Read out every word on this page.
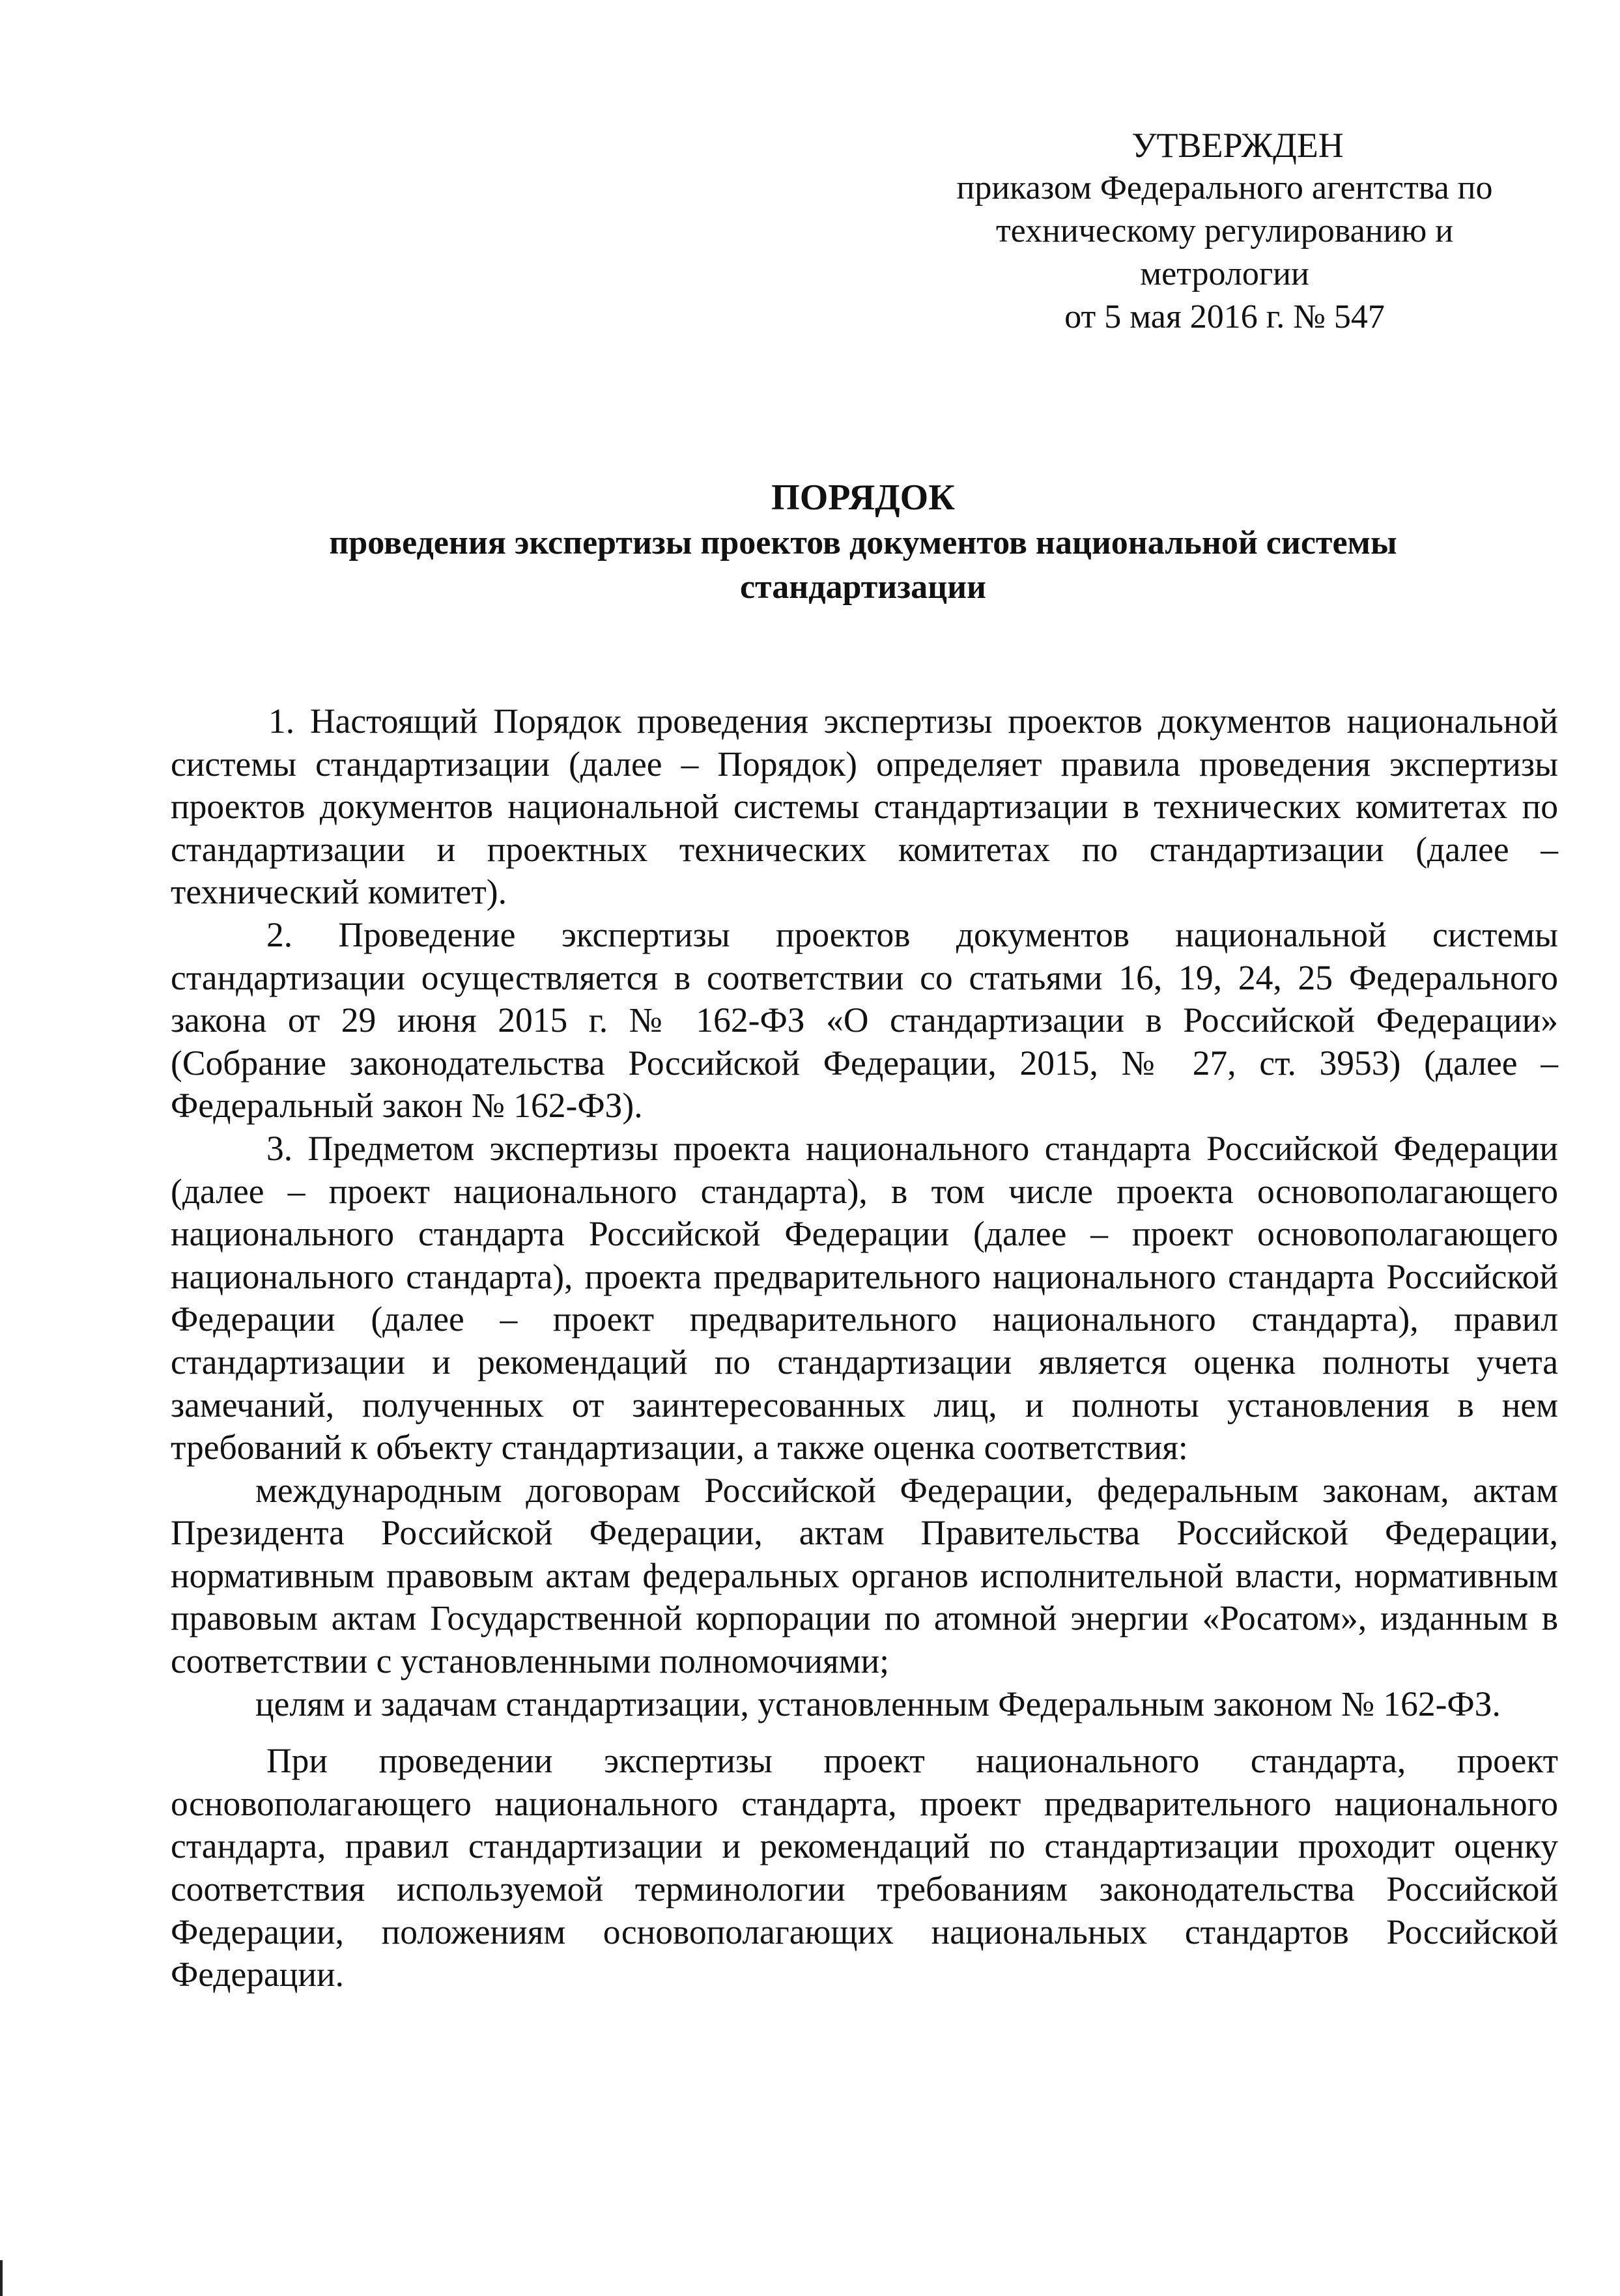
УТВЕРЖДЕН
приказом Федерального агентства по
техническому регулированию и
метрологии
от 5 мая 2016 г. № 547
ПОРЯДОК
проведения экспертизы проектов документов национальной системы
стандартизации

1. Настоящий Порядок проведения экспертизы проектов документов национальной системы стандартизации (далее – Порядок) определяет правила проведения экспертизы проектов документов национальной системы стандартизации в технических комитетах по стандартизации и проектных технических комитетах по стандартизации (далее – технический комитет).

2. Проведение экспертизы проектов документов национальной системы стандартизации осуществляется в соответствии со статьями 16, 19, 24, 25 Федерального закона от 29 июня 2015 г. № 162-ФЗ «О стандартизации в Российской Федерации» (Собрание законодательства Российской Федерации, 2015, № 27, ст. 3953) (далее – Федеральный закон № 162-ФЗ).

3. Предметом экспертизы проекта национального стандарта Российской Федерации (далее – проект национального стандарта), в том числе проекта основополагающего национального стандарта Российской Федерации (далее – проект основополагающего национального стандарта), проекта предварительного национального стандарта Российской Федерации (далее – проект предварительного национального стандарта), правил стандартизации и рекомендаций по стандартизации является оценка полноты учета замечаний, полученных от заинтересованных лиц, и полноты установления в нем требований к объекту стандартизации, а также оценка соответствия:

международным договорам Российской Федерации, федеральным законам, актам Президента Российской Федерации, актам Правительства Российской Федерации, нормативным правовым актам федеральных органов исполнительной власти, нормативным правовым актам Государственной корпорации по атомной энергии «Росатом», изданным в соответствии с установленными полномочиями;

целям и задачам стандартизации, установленным Федеральным законом № 162-ФЗ.

При проведении экспертизы проект национального стандарта, проект основополагающего национального стандарта, проект предварительного национального стандарта, правил стандартизации и рекомендаций по стандартизации проходит оценку соответствия используемой терминологии требованиям законодательства Российской Федерации, положениям основополагающих национальных стандартов Российской Федерации.
